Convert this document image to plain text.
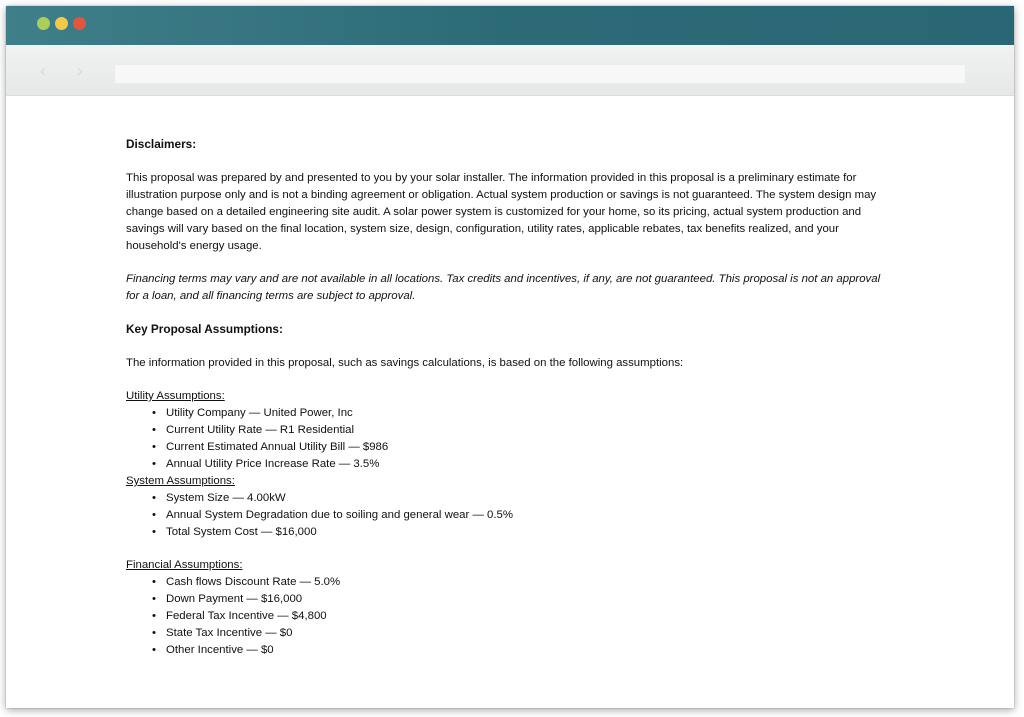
‹ ›
Disclaimers:

This proposal was prepared by and presented to you by your solar installer. The information provided in this proposal is a preliminary estimate for illustration purpose only and is not a binding agreement or obligation. Actual system production or savings is not guaranteed. The system design may change based on a detailed engineering site audit. A solar power system is customized for your home, so its pricing, actual system production and savings will vary based on the final location, system size, design, configuration, utility rates, applicable rebates, tax benefits realized, and your household's energy usage.

Financing terms may vary and are not available in all locations. Tax credits and incentives, if any, are not guaranteed. This proposal is not an approval for a loan, and all financing terms are subject to approval.

Key Proposal Assumptions:

The information provided in this proposal, such as savings calculations, is based on the following assumptions:

Utility Assumptions:
• Utility Company — United Power, Inc
• Current Utility Rate — R1 Residential
• Current Estimated Annual Utility Bill — $986
• Annual Utility Price Increase Rate — 3.5%
System Assumptions:
• System Size — 4.00kW
• Annual System Degradation due to soiling and general wear — 0.5%
• Total System Cost — $16,000
Financial Assumptions:
• Cash flows Discount Rate — 5.0%
• Down Payment — $16,000
• Federal Tax Incentive — $4,800
• State Tax Incentive — $0
• Other Incentive — $0
